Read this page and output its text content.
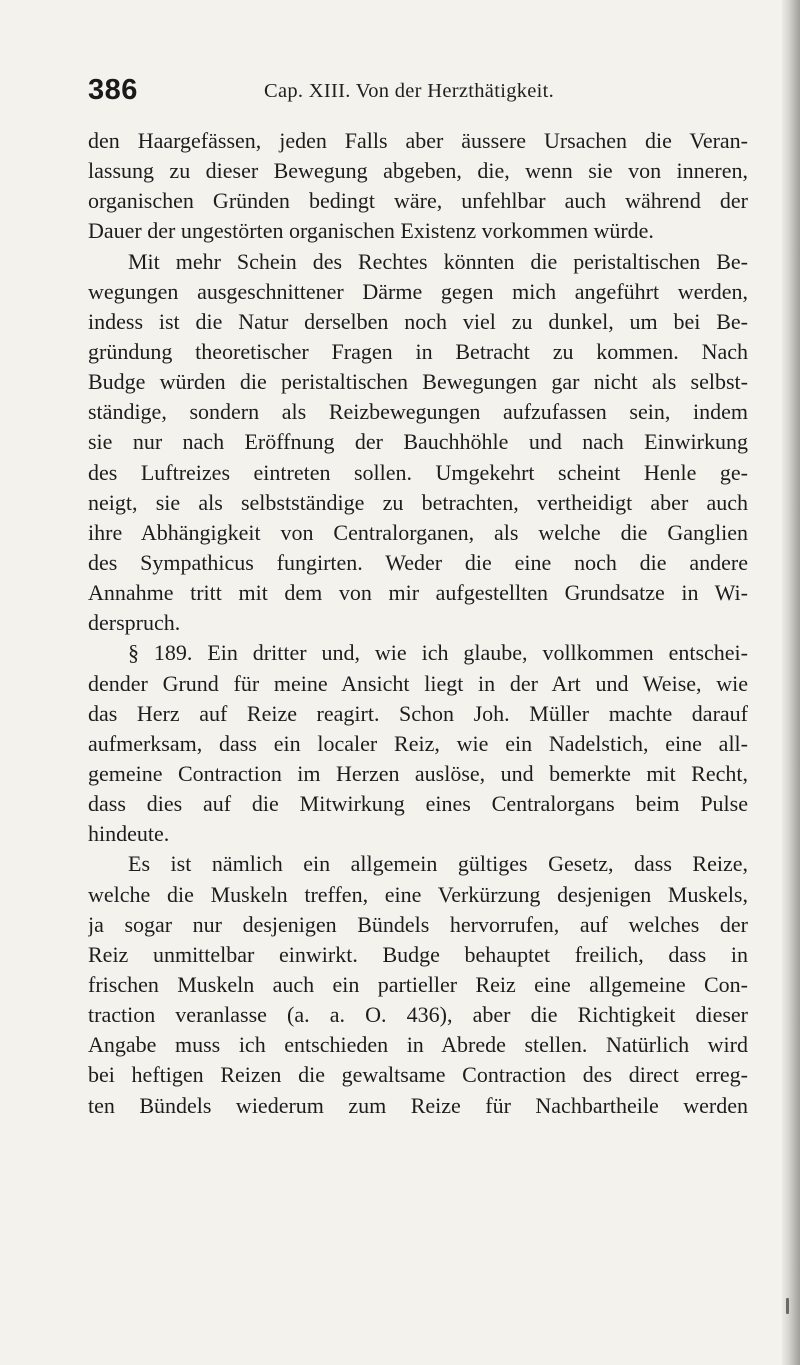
386	Cap. XIII. Von der Herzthätigkeit.
den Haargefässen, jeden Falls aber äussere Ursachen die Veran-
lassung zu dieser Bewegung abgeben, die, wenn sie von inneren,
organischen Gründen bedingt wäre, unfehlbar auch während der
Dauer der ungestörten organischen Existenz vorkommen würde.
Mit mehr Schein des Rechtes könnten die peristaltischen Be-
wegungen ausgeschnittener Därme gegen mich angeführt werden,
indess ist die Natur derselben noch viel zu dunkel, um bei Be-
gründung theoretischer Fragen in Betracht zu kommen. Nach
Budge würden die peristaltischen Bewegungen gar nicht als selbst-
ständige, sondern als Reizbewegungen aufzufassen sein, indem
sie nur nach Eröffnung der Bauchhöhle und nach Einwirkung
des Luftreizes eintreten sollen. Umgekehrt scheint Henle ge-
neigt, sie als selbstständige zu betrachten, vertheidigt aber auch
ihre Abhängigkeit von Centralorganen, als welche die Ganglien
des Sympathicus fungirten. Weder die eine noch die andere
Annahme tritt mit dem von mir aufgestellten Grundsatze in Wi-
derspruch.
§ 189. Ein dritter und, wie ich glaube, vollkommen entschei-
dender Grund für meine Ansicht liegt in der Art und Weise, wie
das Herz auf Reize reagirt. Schon Joh. Müller machte darauf
aufmerksam, dass ein localer Reiz, wie ein Nadelstich, eine all-
gemeine Contraction im Herzen auslöse, und bemerkte mit Recht,
dass dies auf die Mitwirkung eines Centralorgans beim Pulse
hindeute.
Es ist nämlich ein allgemein gültiges Gesetz, dass Reize,
welche die Muskeln treffen, eine Verkürzung desjenigen Muskels,
ja sogar nur desjenigen Bündels hervorrufen, auf welches der
Reiz unmittelbar einwirkt. Budge behauptet freilich, dass in
frischen Muskeln auch ein partieller Reiz eine allgemeine Con-
traction veranlasse (a. a. O. 436), aber die Richtigkeit dieser
Angabe muss ich entschieden in Abrede stellen. Natürlich wird
bei heftigen Reizen die gewaltsame Contraction des direct erreg-
ten Bündels wiederum zum Reize für Nachbartheile werden
